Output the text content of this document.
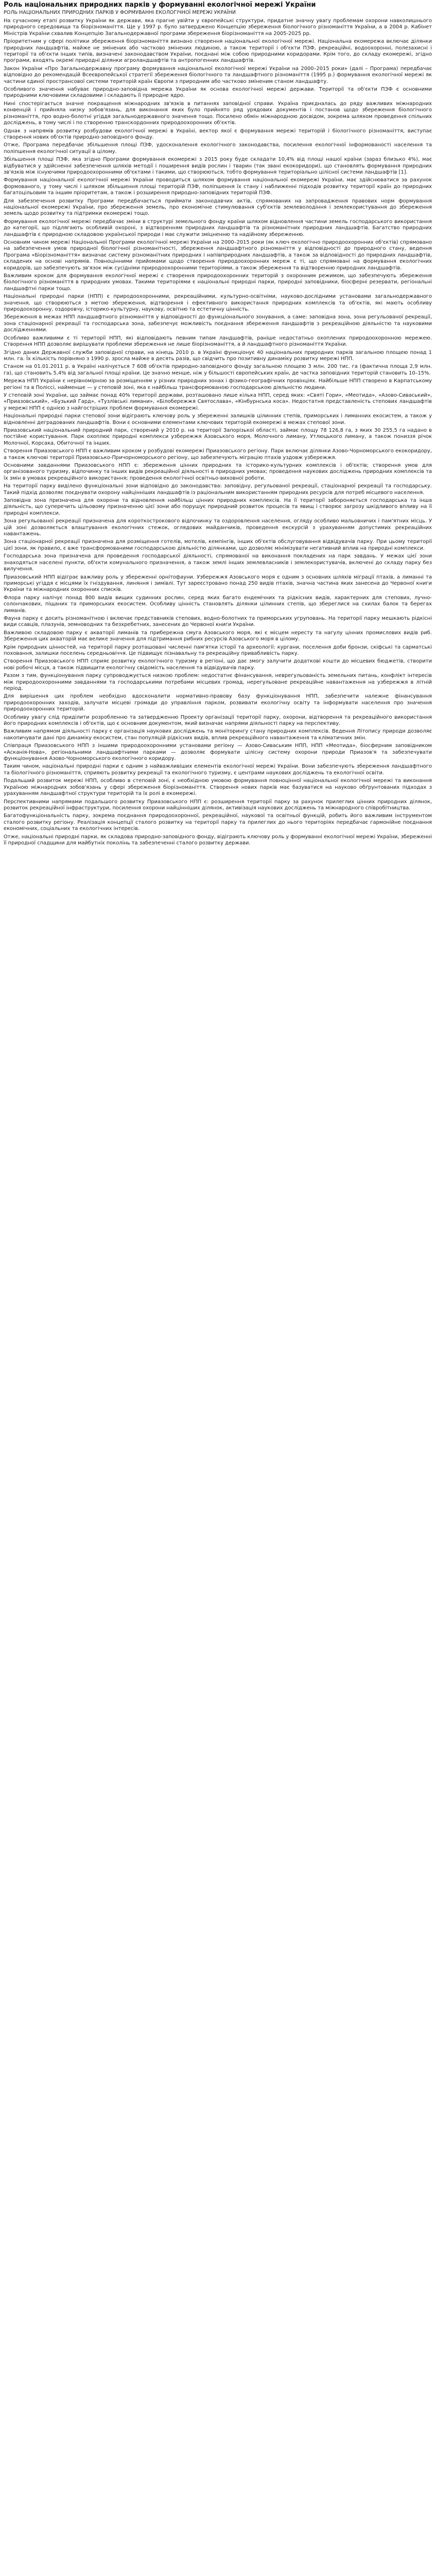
Роль національних природних парків у формуванні екологічної мережі України
РОЛЬ НАЦІОНАЛЬНИХ ПРИРОДНИХ ПАРКІВ У ФОРМУВАННІ ЕКОЛОГІЧНОЇ МЕРЕЖІ УКРАЇНИ

На сучасному етапі розвитку України як держави, яка прагне увійти у європейські структури, придатне значну увагу проблемам охорони навколишнього природного середовища та біорізноманіття. Ще у 1997 р. було затверджено Концепцію збереження біологічного різноманіття України, а в 2004 р. Кабінет Міністрів України схвалив Концепцію Загальнодержавної програми збереження біорізноманіття на 2005-2025 рр.

Пріоритетним у сфері політики збереження біорізноманіття визнано створення національної екологічної мережі. Національна екомережа включає ділянки природних ландшафтів, майже не змінених або частково змінених людиною, а також території і об'єкти ПЗФ, рекреаційні, водоохоронні, полезахисні і території та об'єкти інших типів, визначені законодавством України, поєднані між собою природними коридорами. Крім того, до складу екомережі, згідно програми, входять окремі природні ділянки агроландшафтів та антропогенних ландшафтів.

Закон України «Про Загальнодержавну програму формування національної екологічної мережі України на 2000–2015 роки» (далі – Програма) передбачає відповідно до рекомендацій Всеєвропейської стратегії збереження біологічного та ландшафтного різноманіття (1995 р.) формування екологічної мережі як частини єдиної пространсової системи територій країн Європи з природним або частково зміненим станом ландшафту.

Особливого значення набуває природно-заповідна мережа України як основа екологічної мережі держави. Території та об'єкти ПЗФ є основними природними ключовими складовими і складають її природне ядро.

Нині спостерігається значне покращення міжнародних зв'язків в питаннях заповідної справи. Україна приєдналась до ряду важливих міжнародних конвенцій і прийняла низку зобов'язань, для виконання яких було прийнято ряд урядових документів і постанов щодо збереження біологічного різноманіття, про водно-болотні угіддя загальнодержавного значення тощо. Посилено обмін міжнародною досвідом, зокрема шляхом проведення спільних досліджень, в тому числі і по створенню транскордонних природоохоронних об'єктів.

Однак з напрямів розвитку розбудови екологічної мережі в Україні, вектор якої є формування мережі територій і біологічного різноманіття, виступає створення нових об'єктів природно-заповідного фонду.

Отже, Програма передбачає збільшення площі ПЗФ, удосконалення екологічного законодавства, посилення екологічної інформованості населення та поліпшення екологічної ситуації в цілому.

Збільшення площі ПЗФ, яка згідно Програми формування екомережі з 2015 року буде складати 10,4% від площі нашої країни (зараз близько 4%), має відбуватися у здійсненні забезпечення шляхів методії і поширення видів рослин і тварин (так звані екокоридори), що становлять формування природних зв'язків між існуючими природоохоронними об'єктами і такими, що створюються, тобто формування територіально цілісної системи ландшафтів [1].

Формування національної екологічної мережі України проводиться шляхом формування національної екомережі України, має здійснюватися за рахунок формованого, у тому числі і шляхом збільшення площі територій ПЗФ, поліпшення їх стану і наближенні підходів розвитку території країн до природних багатоцільовим та іншим пріоритетам, а також і розширення природно-заповідних територій ПЗФ.

Для забезпечення розвитку Програми передбачається приймати законодавчих актів, спрямованих на запровадження правових норм формування національної екомережі України, про збереження земель, про економічне стимулювання суб'єктів землеволодіння і землекористування до збереження земель щодо розвитку та підтримки екомережі тощо.

Формування екологічної мережі передбачає зміни в структурі земельного фонду країни шляхом відновлення частини земель господарського використання до категорії, що підлягають особливій охороні, з відтворенням природних ландшафтів та різноманітних природних ландшафтів. Багатство природних ландшафтів є природною складовою української природи і має служити зміцненню та надійному збереженню.

Основним чином мережі Національної Програми екологічної мережі України на 2000–2015 роки (як ключ екологічно природоохоронних об'єктів) спрямовано на забезпечення умов природної біологічної різноманітності, збереження ландшафтного різноманіття у відповідності до природного стану, ведення Програма «Біорізноманіття» визначає систему різноманітних природних і напівприродних ландшафтів, а також за відповідності до природних ландшафтів, складених на основі напрямів. Повноцінними прийомами щодо створення природоохоронних мереж є ті, що спрямовані на формування екологічних коридорів, що забезпечують зв'язок між сусідніми природоохоронними територіями, а також збереження та відтворенню природних ландшафтів.

Важливим кроком для формування екологічної мережі є створення природоохоронних територій з охоронним режимом, що забезпечують збереження біологічного різноманіття в природних умовах. Такими територіями є національні природні парки, природні заповідники, біосферні резервати, регіональні ландшафтні парки тощо.

Національні природні парки (НПП) є природоохоронними, рекреаційними, культурно-освітніми, науково-дослідними установами загальнодержавного значення, що створюються з метою збереження, відтворення і ефективного використання природних комплексів та об'єктів, які мають особливу природоохоронну, оздоровчу, історико-культурну, наукову, освітню та естетичну цінність.

Збереження в межах НПП ландшафтного різноманіття у відповідності до функціонального зонування, а саме: заповідна зона, зона регульованої рекреації, зона стаціонарної рекреації та господарська зона, забезпечує можливість поєднання збереження ландшафтів з рекреаційною діяльністю та науковими дослідженнями.

Особливо важливими є ті території НПП, які відповідають певним типам ландшафтів, раніше недостатньо охоплених природоохоронною мережею. Створення НПП дозволяє вирішувати проблеми збереження не лише біорізноманіття, а й ландшафтного різноманіття України.

Згідно даних Державної служби заповідної справи, на кінець 2010 р. в Україні функціонує 40 національних природних парків загальною площею понад 1 млн. га. Їх кількість порівняно з 1990 р. зросла майже в десять разів, що свідчить про позитивну динаміку розвитку мережі НПП.

Станом на 01.01.2011 р. в Україні налічується 7 608 об'єктів природно-заповідного фонду загальною площею 3 млн. 200 тис. га (фактична площа 2,9 млн. га), що становить 5,4% від загальної площі країни. Це значно менше, ніж у більшості європейських країн, де частка заповідних територій становить 10–15%.

Мережа НПП України є нерівномірною за розміщенням у різних природних зонах і фізико-географічних провінціях. Найбільше НПП створено в Карпатському регіоні та в Поліссі, найменше — у степовій зоні, яка є найбільш трансформованою господарською діяльністю людини.

У степовій зоні України, що займає понад 40% території держави, розташовано лише кілька НПП, серед яких: «Святі Гори», «Меотида», «Азово-Сиваський», «Приазовський», «Бузький Гард», «Тузлівські лимани», «Білобережжя Святослава», «Кінбурнська коса». Недостатня представленість степових ландшафтів у мережі НПП є однією з найгостріших проблем формування екомережі.

Національні природні парки степової зони відіграють ключову роль у збереженні залишків цілинних степів, приморських і лиманних екосистем, а також у відновленні деградованих ландшафтів. Вони є основними елементами ключових територій екомережі в межах степової зони.

Приазовський національний природний парк, створений у 2010 р. на території Запорізької області, займає площу 78 126,8 га, з яких 30 255,5 га надано в постійне користування. Парк охоплює природні комплекси узбережжя Азовського моря, Молочного лиману, Утлюцького лиману, а також пониззя річок Молочної, Корсака, Обиточної та інших.

Створення Приазовського НПП є важливим кроком у розбудові екомережі Приазовського регіону. Парк включає ділянки Азово-Чорноморського екокоридору, а також ключові території Приазовсько-Причорноморського регіону, що забезпечують міграцію птахів уздовж узбережжя.

Основними завданнями Приазовського НПП є: збереження цінних природних та історико-культурних комплексів і об'єктів; створення умов для організованого туризму, відпочинку та інших видів рекреаційної діяльності в природних умовах; проведення наукових досліджень природних комплексів та їх змін в умовах рекреаційного використання; проведення екологічної освітньо-виховної роботи.

На території парку виділено функціональні зони відповідно до законодавства: заповідну, регульованої рекреації, стаціонарної рекреації та господарську. Такий підхід дозволяє поєднувати охорону найцінніших ландшафтів із раціональним використанням природних ресурсів для потреб місцевого населення.

Заповідна зона призначена для охорони та відновлення найбільш цінних природних комплексів. На її території забороняється господарська та інша діяльність, що суперечить цільовому призначенню цієї зони або порушує природний розвиток процесів та явищ і створює загрозу шкідливого впливу на її природні комплекси.

Зона регульованої рекреації призначена для короткострокового відпочинку та оздоровлення населення, огляду особливо мальовничих і пам'ятних місць. У цій зоні дозволяється влаштування екологічних стежок, оглядових майданчиків, проведення екскурсій з урахуванням допустимих рекреаційних навантажень.

Зона стаціонарної рекреації призначена для розміщення готелів, мотелів, кемпінгів, інших об'єктів обслуговування відвідувачів парку. При цьому території цієї зони, як правило, є вже трансформованими господарською діяльністю ділянками, що дозволяє мінімізувати негативний вплив на природні комплекси.

Господарська зона призначена для проведення господарської діяльності, спрямованої на виконання покладених на парк завдань. У межах цієї зони знаходяться населені пункти, об'єкти комунального призначення, а також землі інших землевласників і землекористувачів, включені до складу парку без вилучення.

Приазовський НПП відіграє важливу роль у збереженні орнітофауни. Узбережжя Азовського моря є одним з основних шляхів міграції птахів, а лиманні та приморські угіддя є місцями їх гніздування, линяння і зимівлі. Тут зареєстровано понад 250 видів птахів, значна частина яких занесена до Червоної книги України та міжнародних охоронних списків.

Флора парку налічує понад 800 видів вищих судинних рослин, серед яких багато ендемічних та рідкісних видів, характерних для степових, лучно-солончакових, піщаних та приморських екосистем. Особливу цінність становлять ділянки цілинних степів, що збереглися на схилах балок та берегах лиманів.

Фауна парку є досить різноманітною і включає представників степових, водно-болотних та приморських угруповань. На території парку мешкають рідкісні види ссавців, плазунів, земноводних та безхребетних, занесених до Червоної книги України.

Важливою складовою парку є акваторії лиманів та прибережна смуга Азовського моря, які є місцем нересту та нагулу цінних промислових видів риб. Збереження цих акваторій має велике значення для підтримання рибних ресурсів Азовського моря в цілому.

Крім природних цінностей, на території парку розташовані численні пам'ятки історії та археології: кургани, поселення доби бронзи, скіфські та сарматські поховання, залишки поселень середньовіччя. Це підвищує пізнавальну та рекреаційну привабливість парку.

Створення Приазовського НПП сприяє розвитку екологічного туризму в регіоні, що дає змогу залучити додаткові кошти до місцевих бюджетів, створити нові робочі місця, а також підвищити екологічну свідомість населення та відвідувачів парку.

Разом з тим, функціонування парку супроводжується низкою проблем: недостатнє фінансування, неврегульованість земельних питань, конфлікт інтересів між природоохоронними завданнями та господарськими потребами місцевих громад, нерегульоване рекреаційне навантаження на узбережжя в літній період.

Для вирішення цих проблем необхідно вдосконалити нормативно-правову базу функціонування НПП, забезпечити належне фінансування природоохоронних заходів, залучати місцеві громади до управління парком, розвивати екологічну освіту та інформувати населення про значення природоохоронних територій.

Особливу увагу слід приділити розробленню та затвердженню Проекту організації території парку, охорони, відтворення та рекреаційного використання його природних комплексів і об'єктів, що є основним документом, який визначає напрями діяльності парку на перспективу.

Важливим напрямом діяльності парку є організація наукових досліджень та моніторингу стану природних комплексів. Ведення Літопису природи дозволяє накопичувати дані про динаміку екосистем, стан популяцій рідкісних видів, вплив рекреаційного навантаження та кліматичних змін.

Співпраця Приазовського НПП з іншими природоохоронними установами регіону — Азово-Сиваським НПП, НПП «Меотида», біосферним заповідником «Асканія-Нова», регіональними ландшафтними парками — дозволяє формувати цілісну систему охорони природи Приазов'я та забезпечувати функціонування Азово-Чорноморського екологічного коридору.

Таким чином, національні природні парки є одним з найважливіших елементів екологічної мережі України. Вони забезпечують збереження ландшафтного та біологічного різноманіття, сприяють розвитку рекреації та екологічного туризму, є центрами наукових досліджень та екологічної освіти.

Подальший розвиток мережі НПП, особливо в степовій зоні, є необхідною умовою формування повноцінної національної екологічної мережі та виконання Україною міжнародних зобов'язань у сфері збереження біорізноманіття. Створення нових парків має базуватися на науково обґрунтованих підходах з урахуванням ландшафтної структури територій та їх ролі в екомережі.

Перспективними напрямами подальшого розвитку Приазовського НПП є: розширення території парку за рахунок прилеглих цінних природних ділянок, розвиток рекреаційної інфраструктури, посилення охорони найцінніших ділянок, активізація наукових досліджень та міжнародного співробітництва.

Багатофункціональність парку, зокрема поєднання природоохоронної, рекреаційної, наукової та освітньої функцій, робить його важливим інструментом сталого розвитку регіону. Реалізація концепції сталого розвитку на території парку та прилеглих до нього територіях передбачає гармонійне поєднання економічних, соціальних та екологічних інтересів.

Отже, національні природні парки, як складова природно-заповідного фонду, відіграють ключову роль у формуванні екологічної мережі України, збереженні її природної спадщини для майбутніх поколінь та забезпеченні сталого розвитку держави.
